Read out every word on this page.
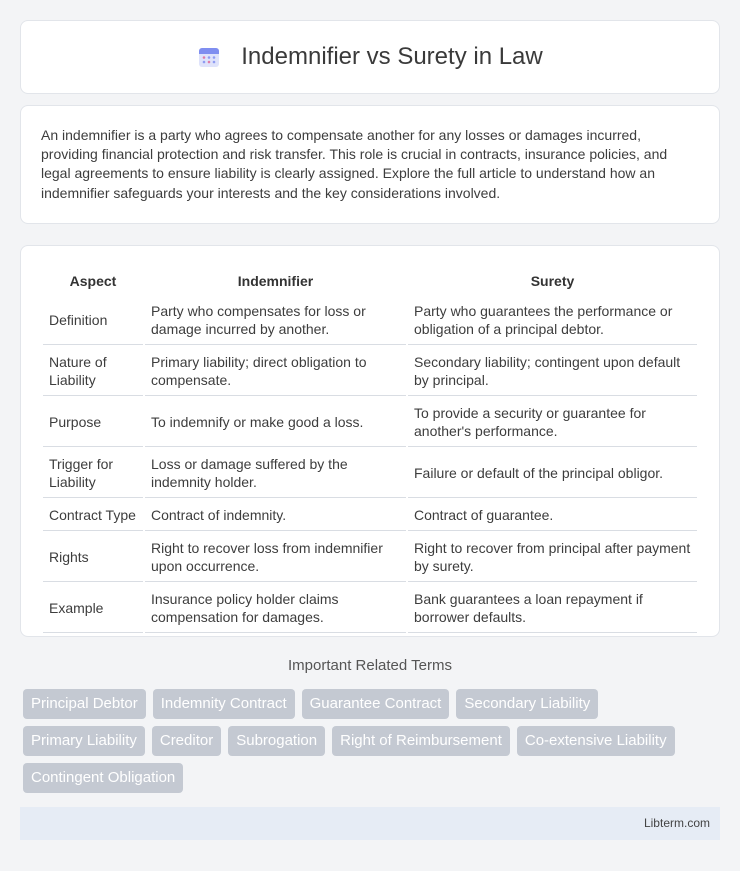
Indemnifier vs Surety in Law

An indemnifier is a party who agrees to compensate another for any losses or damages incurred, providing financial protection and risk transfer. This role is crucial in contracts, insurance policies, and legal agreements to ensure liability is clearly assigned. Explore the full article to understand how an indemnifier safeguards your interests and the key considerations involved.

Aspect	Indemnifier	Surety
Definition	Party who compensates for loss or damage incurred by another.	Party who guarantees the performance or obligation of a principal debtor.
Nature of Liability	Primary liability; direct obligation to compensate.	Secondary liability; contingent upon default by principal.
Purpose	To indemnify or make good a loss.	To provide a security or guarantee for another's performance.
Trigger for Liability	Loss or damage suffered by the indemnity holder.	Failure or default of the principal obligor.
Contract Type	Contract of indemnity.	Contract of guarantee.
Rights	Right to recover loss from indemnifier upon occurrence.	Right to recover from principal after payment by surety.
Example	Insurance policy holder claims compensation for damages.	Bank guarantees a loan repayment if borrower defaults.
Important Related Terms
Principal Debtor	Indemnity Contract	Guarantee Contract	Secondary Liability
Primary Liability	Creditor	Subrogation	Right of Reimbursement	Co-extensive Liability
Contingent Obligation
Libterm.com
